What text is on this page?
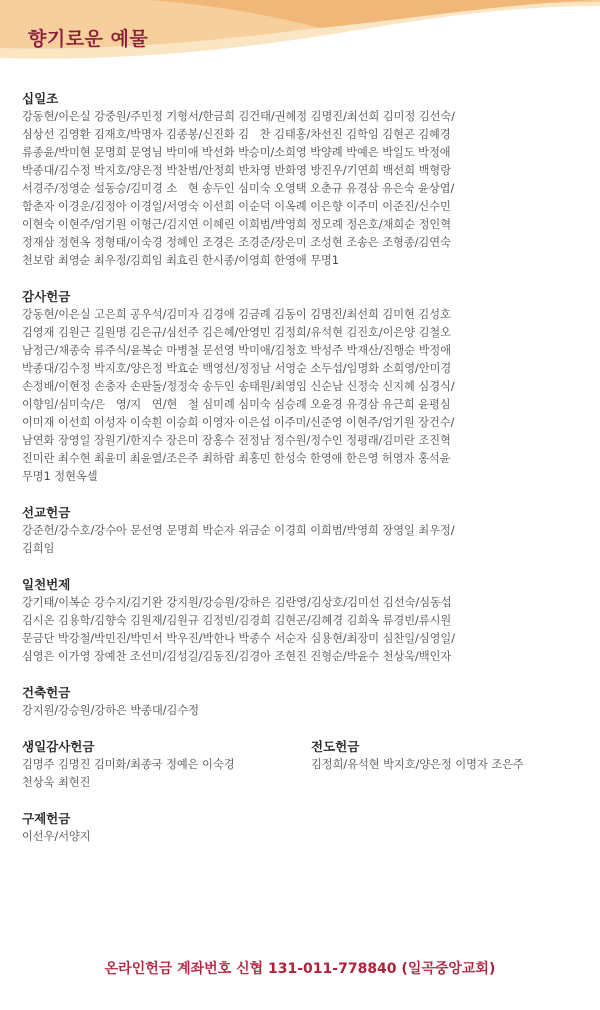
향기로운 예물
십일조
강동현/이은실 강중원/주민정 기형서/한금희 김건태/권혜정 김명진/최선희 김미정 김선숙/
심상선 김영환 김재호/박명자 김종봉/신진화 김   찬 김태홍/차선진 김학임 김현곤 김혜경
류종윤/박미현 문명희 문영님 박미애 박선화 박승미/소희영 박양례 박예은 박일도 박정애
박종대/김수정 박지호/양은정 박찬범/안정희 반차영 반화영 방진우/기연희 백선희 백형랑
서경주/정영순 설동승/김미경 소   현 송두인 심미숙 오영택 오춘규 유경삼 유은숙 윤상엽/
함춘자 이경운/김정아 이경일/서영숙 이선희 이순덕 이옥례 이은향 이주미 이준진/신수민
이현숙 이현주/엄기원 이형근/김지연 이혜린 이희범/박영희 정모례 정은호/채희순 정인혁
정재삼 정현옥 정형태/이숙경 정혜인 조경은 조경준/장은미 조성현 조송은 조형종/김연숙
천보람 최영순 최우정/김희임 최효린 한시종/이영희 한영애 무명1
감사헌금
강동현/이은실 고은희 공우석/김미자 김경애 김금례 김동이 김명진/최선희 김미현 김성호
김영재 김원근 길원명 김은규/심선주 김은혜/안영민 김정희/유석현 김진호/이은양 김철오
남정근/채종숙 류주식/윤복순 마병철 문선영 박미애/김청호 박성주 박재산/진행순 박정애
박종대/김수정 박지호/양은정 박효순 백영선/정정남 서영순 소두섭/임명화 소희영/안미경
손정배/이현정 손충자 손판돌/정정숙 송두인 송태원/최영임 신순남 신정숙 신지혜 심경식/
이향임/심미숙/은   영/지   연/현   철 심미례 심미숙 심승례 오윤경 유경삼 유근희 윤평심
이미재 이선희 이성자 이숙흰 이승희 이영자 이은섭 이주미/신준영 이현주/엄기원 장건수/
남연화 장영일 장원기/한지수 장은미 장홍수 전정남 정수원/정수인 정평래/김미란 조진혁
진미란 최수현 최윤미 최윤열/조은주 최하람 최홍민 한성숙 한영애 한은영 허영자 홍석윤
무명1 정현옥셀
선교헌금
강준헌/강수호/강수아 문선영 문명희 박순자 위금순 이경희 이희범/박영희 장영일 최우정/
김희임
일천번제
강기태/이복순 강수지/김기완 강지원/강승원/강하은 김란영/김상호/김미선 김선숙/심동섭
김시온 김용학/김향숙 김원재/김원규 김정빈/김경희 김현곤/김혜경 김희옥 류경빈/류시원
문금단 박강철/박민진/박민서 박우진/박한나 박종수 서순자 심용현/최장미 심찬일/심영일/
심영은 이가영 장예찬 조선미/김성길/김동진/김경아 조현진 진형순/박윤수 천상욱/백인자
건축헌금
강지원/강승원/강하은 박종대/김수정
생일감사헌금
김명주 김명진 김미화/최종국 정예은 이숙경
천상욱 최현진
전도헌금
김정희/유석현 박지호/양은정 이명자 조은주
구제헌금
이선우/서양지
온라인헌금 계좌번호 신협 131-011-778840 (일곡중앙교회)
